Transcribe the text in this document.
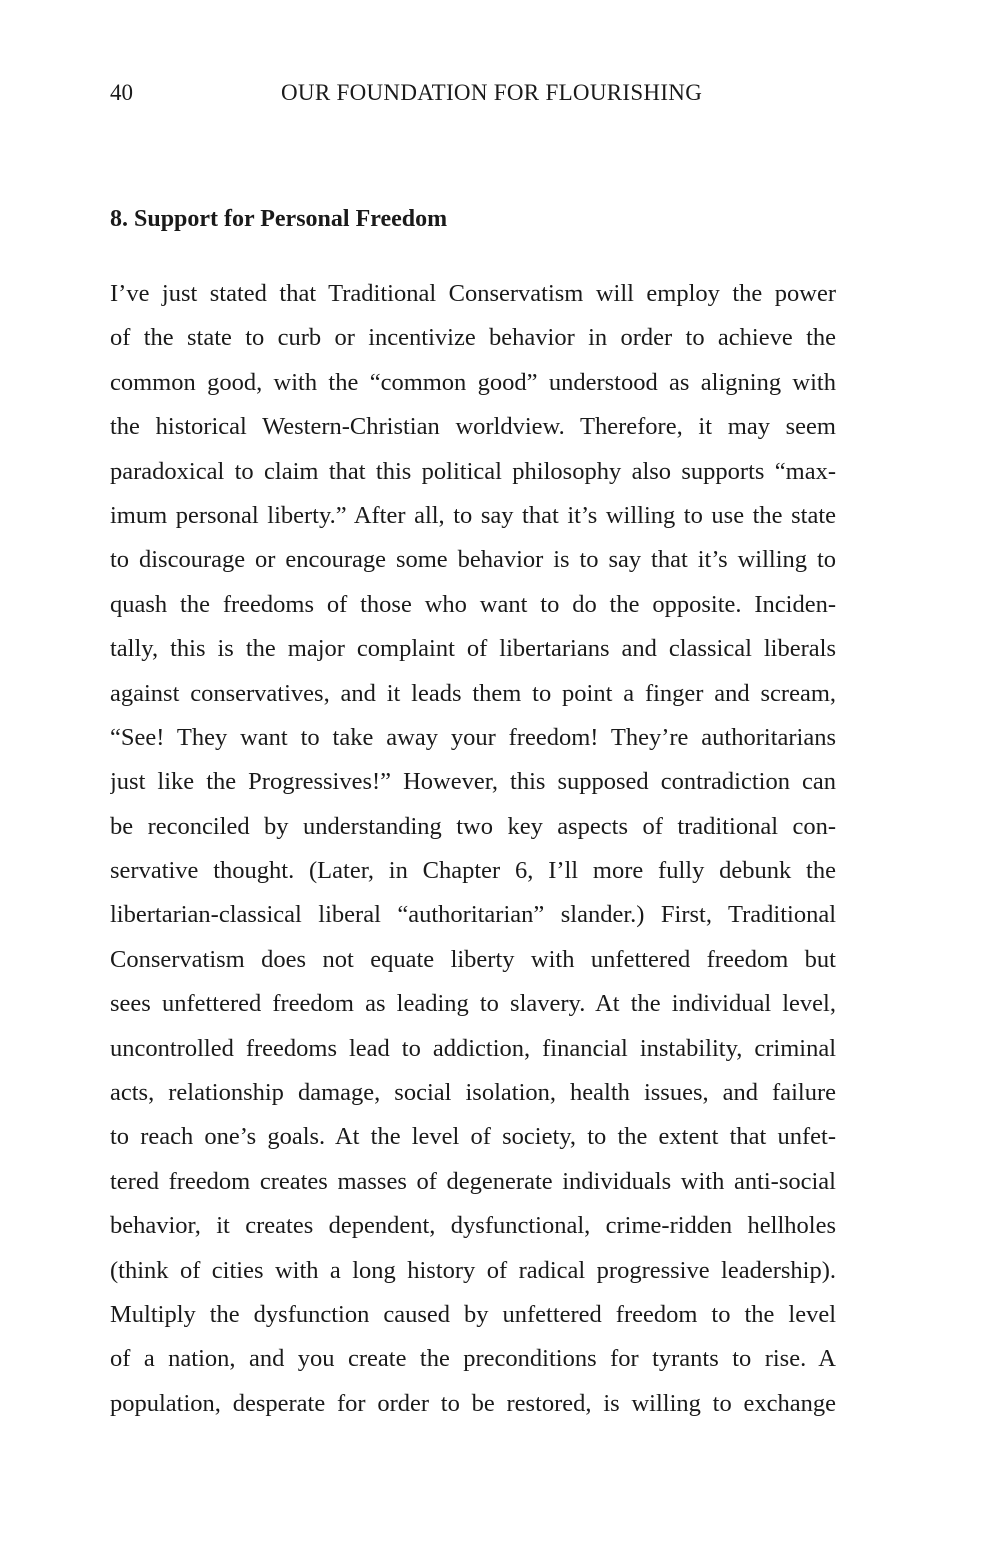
40	OUR FOUNDATION FOR FLOURISHING
8. Support for Personal Freedom
I’ve just stated that Traditional Conservatism will employ the power
of the state to curb or incentivize behavior in order to achieve the
common good, with the “common good” understood as aligning with
the historical Western-Christian worldview. Therefore, it may seem
paradoxical to claim that this political philosophy also supports “max-
imum personal liberty.” After all, to say that it’s willing to use the state
to discourage or encourage some behavior is to say that it’s willing to
quash the freedoms of those who want to do the opposite. Inciden-
tally, this is the major complaint of libertarians and classical liberals
against conservatives, and it leads them to point a finger and scream,
“See! They want to take away your freedom! They’re authoritarians
just like the Progressives!” However, this supposed contradiction can
be reconciled by understanding two key aspects of traditional con-
servative thought. (Later, in Chapter 6, I’ll more fully debunk the
libertarian-classical liberal “authoritarian” slander.) First, Traditional
Conservatism does not equate liberty with unfettered freedom but
sees unfettered freedom as leading to slavery. At the individual level,
uncontrolled freedoms lead to addiction, financial instability, criminal
acts, relationship damage, social isolation, health issues, and failure
to reach one’s goals. At the level of society, to the extent that unfet-
tered freedom creates masses of degenerate individuals with anti-social
behavior, it creates dependent, dysfunctional, crime-ridden hellholes
(think of cities with a long history of radical progressive leadership).
Multiply the dysfunction caused by unfettered freedom to the level
of a nation, and you create the preconditions for tyrants to rise. A
population, desperate for order to be restored, is willing to exchange
